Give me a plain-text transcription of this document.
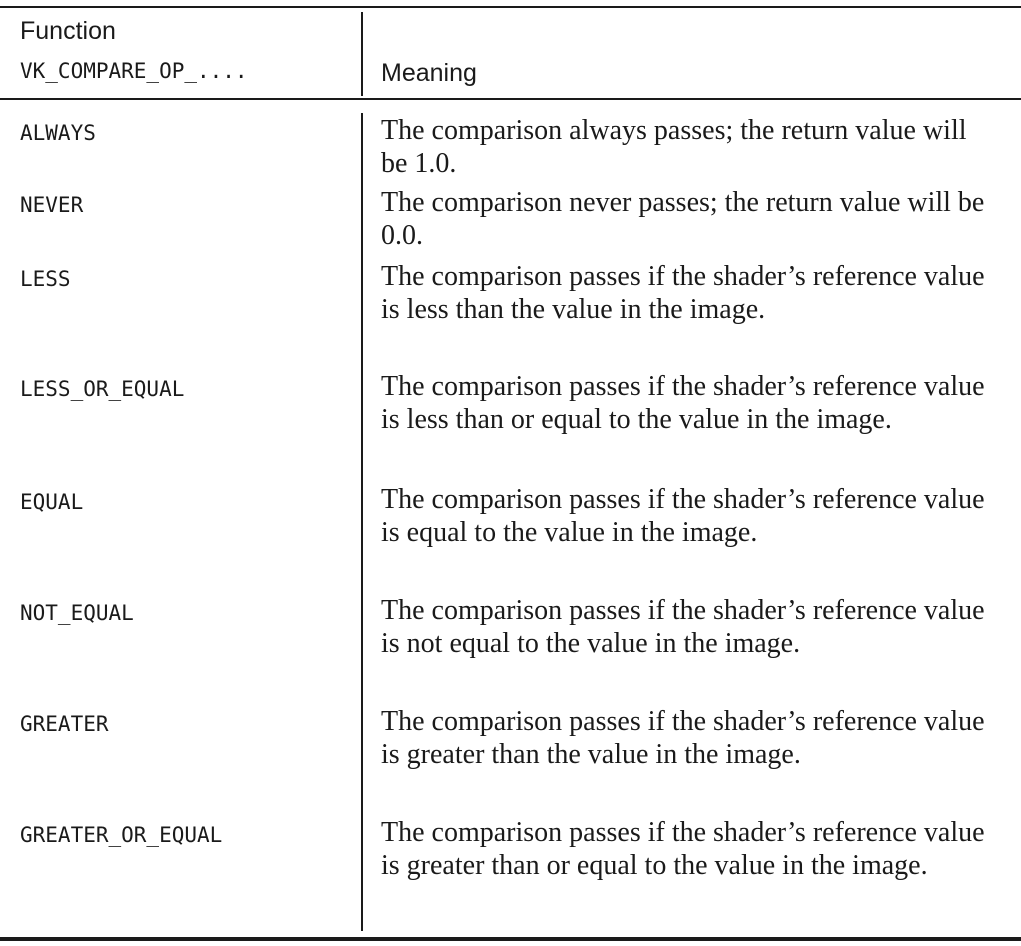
Function
VK_COMPARE_OP_....	Meaning
ALWAYS	The comparison always passes; the return value will be 1.0.
NEVER	The comparison never passes; the return value will be 0.0.
LESS	The comparison passes if the shader’s reference value is less than the value in the image.
LESS_OR_EQUAL	The comparison passes if the shader’s reference value is less than or equal to the value in the image.
EQUAL	The comparison passes if the shader’s reference value is equal to the value in the image.
NOT_EQUAL	The comparison passes if the shader’s reference value is not equal to the value in the image.
GREATER	The comparison passes if the shader’s reference value is greater than the value in the image.
GREATER_OR_EQUAL	The comparison passes if the shader’s reference value is greater than or equal to the value in the image.
